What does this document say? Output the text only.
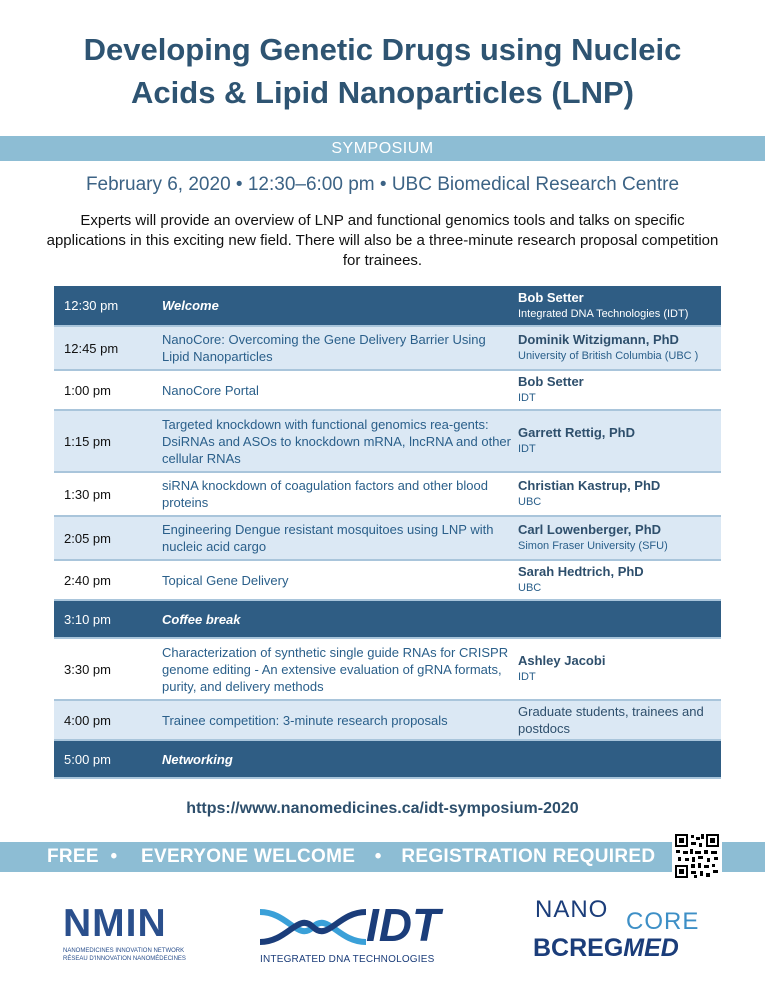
Developing Genetic Drugs using Nucleic
Acids & Lipid Nanoparticles (LNP)
SYMPOSIUM
February 6, 2020 • 12:30–6:00 pm • UBC Biomedical Research Centre
Experts will provide an overview of LNP and functional genomics tools and talks on specific applications in this exciting new field. There will also be a three-minute research proposal competition for trainees.
12:30 pm	Welcome	Bob Setter
Integrated DNA Technologies (IDT)

12:45 pm	NanoCore: Overcoming the Gene Delivery Barrier Using Lipid Nanoparticles	Dominik Witzigmann, PhD
University of British Columbia (UBC )

1:00 pm	NanoCore Portal	Bob Setter
IDT

1:15 pm	Targeted knockdown with functional genomics rea-gents: DsiRNAs and ASOs to knockdown mRNA, lncRNA and other cellular RNAs	Garrett Rettig, PhD
IDT

1:30 pm	siRNA knockdown of coagulation factors and other blood proteins	Christian Kastrup, PhD
UBC

2:05 pm	Engineering Dengue resistant mosquitoes using LNP with nucleic acid cargo	Carl Lowenberger, PhD
Simon Fraser University (SFU)

2:40 pm	Topical Gene Delivery	Sarah Hedtrich, PhD
UBC

3:10 pm	Coffee break	
3:30 pm	Characterization of synthetic single guide RNAs for CRISPR genome editing - An extensive evaluation of gRNA formats, purity, and delivery methods	Ashley Jacobi
IDT

4:00 pm	Trainee competition: 3-minute research proposals	Graduate students, trainees and postdocs

5:00 pm	Networking	
https://www.nanomedicines.ca/idt-symposium-2020
FREE • EVERYONE WELCOME • REGISTRATION REQUIRED
NMIN
NANOMEDICINES INNOVATION NETWORK
RÉSEAU D'INNOVATION NANOMÉDECINES
IDT
INTEGRATED DNA TECHNOLOGIES
NANO CORE
BCREGMED
